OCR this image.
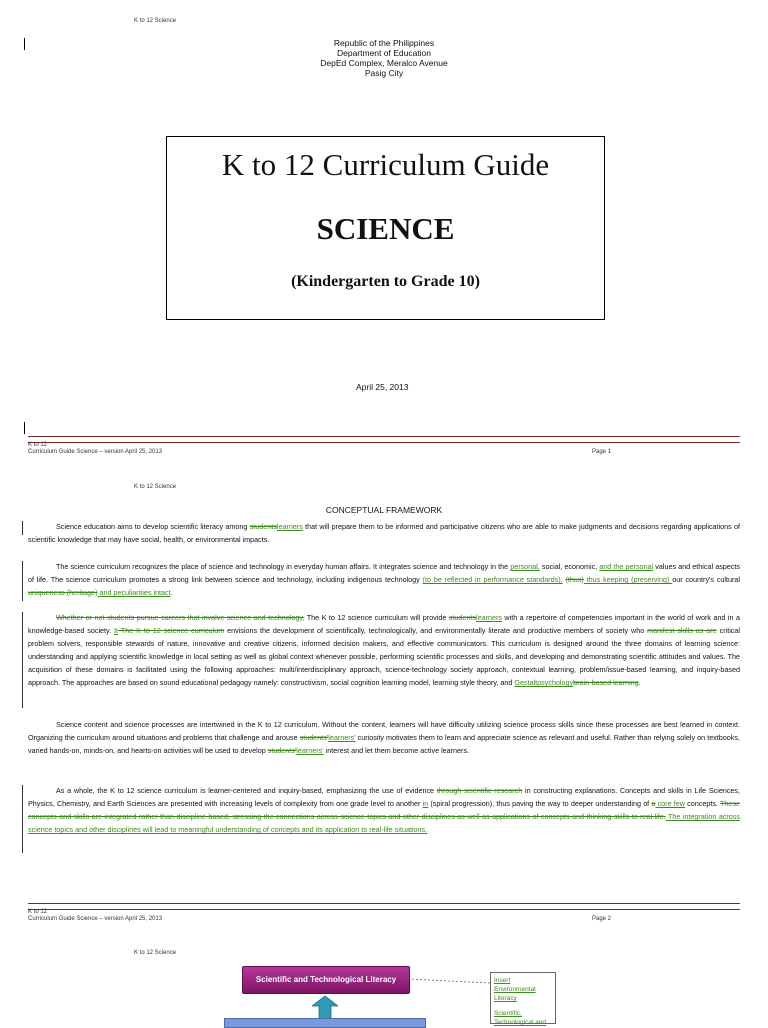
K to 12 Science
Republic of the Philippines
Department of Education
DepEd Complex, Meralco Avenue
Pasig City
K to 12 Curriculum Guide
SCIENCE
(Kindergarten to Grade 10)
April 25, 2013
K to 12
Curriculum Guide Science – version April 25, 2013	Page 1
K to 12 Science
CONCEPTUAL FRAMEWORK

Science education aims to develop scientific literacy among studentslearners that will prepare them to be informed and participative citizens who are able to make judgments and decisions regarding applications of scientific knowledge that may have social, health, or environmental impacts.

The science curriculum recognizes the place of science and technology in everyday human affairs. It integrates science and technology in the personal, social, economic, and the personal values and ethical aspects of life. The science curriculum promotes a strong link between science and technology, including indigenous technology (to be reflected in performance standards), (thus) thus keeping (preserving) our country's cultural uniqueness (heritage) and peculiarities intact.

Whether or not students pursue careers that involve science and technology, The K to 12 science curriculum will provide studentslearners with a repertoire of competencies important in the world of work and in a knowledge-based society. It The K to 12 science curriculum envisions the development of scientifically, technologically, and environmentally literate and productive members of society who manifest skills as are critical problem solvers, responsible stewards of nature, innovative and creative citizens, informed decision makers, and effective communicators. This curriculum is designed around the three domains of learning science: understanding and applying scientific knowledge in local setting as well as global context whenever possible, performing scientific processes and skills, and developing and demonstrating scientific attitudes and values. The acquisition of these domains is facilitated using the following approaches: multi/interdisciplinary approach, science-technology society approach, contextual learning, problem/issue-based learning, and inquiry-based approach. The approaches are based on sound educational pedagogy namely: constructivism, social cognition learning model, learning style theory, and Gestaltpsychologybrain-based learning.

Science content and science processes are intertwined in the K to 12 curriculum. Without the content, learners will have difficulty utilizing science process skills since these processes are best learned in context. Organizing the curriculum around situations and problems that challenge and arouse students'learners' curiosity motivates them to learn and appreciate science as relevant and useful. Rather than relying solely on textbooks, varied hands-on, minds-on, and hearts-on activities will be used to develop students'learners' interest and let them become active learners.

As a whole, the K to 12 science curriculum is learner-centered and inquiry-based, emphasizing the use of evidence through scientific research in constructing explanations. Concepts and skills in Life Sciences, Physics, Chemistry, and Earth Sciences are presented with increasing levels of complexity from one grade level to another in (spiral progression), thus paving the way to deeper understanding of a core few concepts. These concepts and skills are integrated rather than discipline-based, stressing the connections across science topics and other disciplines as well as applications of concepts and thinking skills to real life. The integration across science topics and other disciplines will lead to meaningful understanding of concepts and its application to real-life situations.

K to 12
Curriculum Guide Science – version April 25, 2013	Page 2
K to 12 Science
Scientific and Technological Literacy	Insert Environmental Literacy
Scientific, Technological and
